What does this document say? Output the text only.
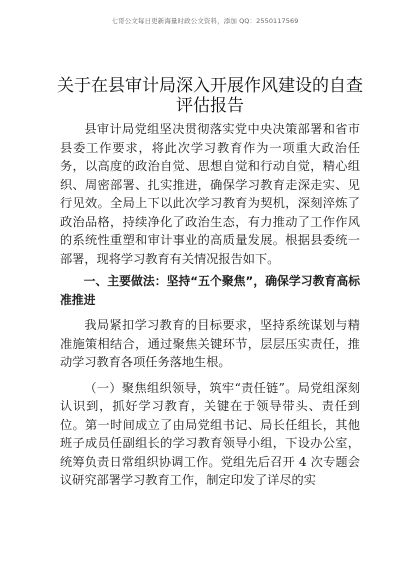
七哥公文每日更新海量时政公文资料，添加 QQ：2550117569
关于在县审计局深入开展作风建设的自查评估报告

县审计局党组坚决贯彻落实党中央决策部署和省市县委工作要求，将此次学习教育作为一项重大政治任务，以高度的政治自觉、思想自觉和行动自觉，精心组织、周密部署、扎实推进，确保学习教育走深走实、见行见效。全局上下以此次学习教育为契机，深刻淬炼了政治品格，持续净化了政治生态，有力推动了工作作风的系统性重塑和审计事业的高质量发展。根据县委统一部署，现将学习教育有关情况报告如下。

一、主要做法：坚持“五个聚焦”，确保学习教育高标准推进

我局紧扣学习教育的目标要求，坚持系统谋划与精准施策相结合，通过聚焦关键环节，层层压实责任，推动学习教育各项任务落地生根。

（一）聚焦组织领导，筑牢“责任链”。局党组深刻认识到，抓好学习教育，关键在于领导带头、责任到位。第一时间成立了由局党组书记、局长任组长，其他班子成员任副组长的学习教育领导小组，下设办公室，统筹负责日常组织协调工作。党组先后召开 4 次专题会议研究部署学习教育工作，制定印发了详尽的实
